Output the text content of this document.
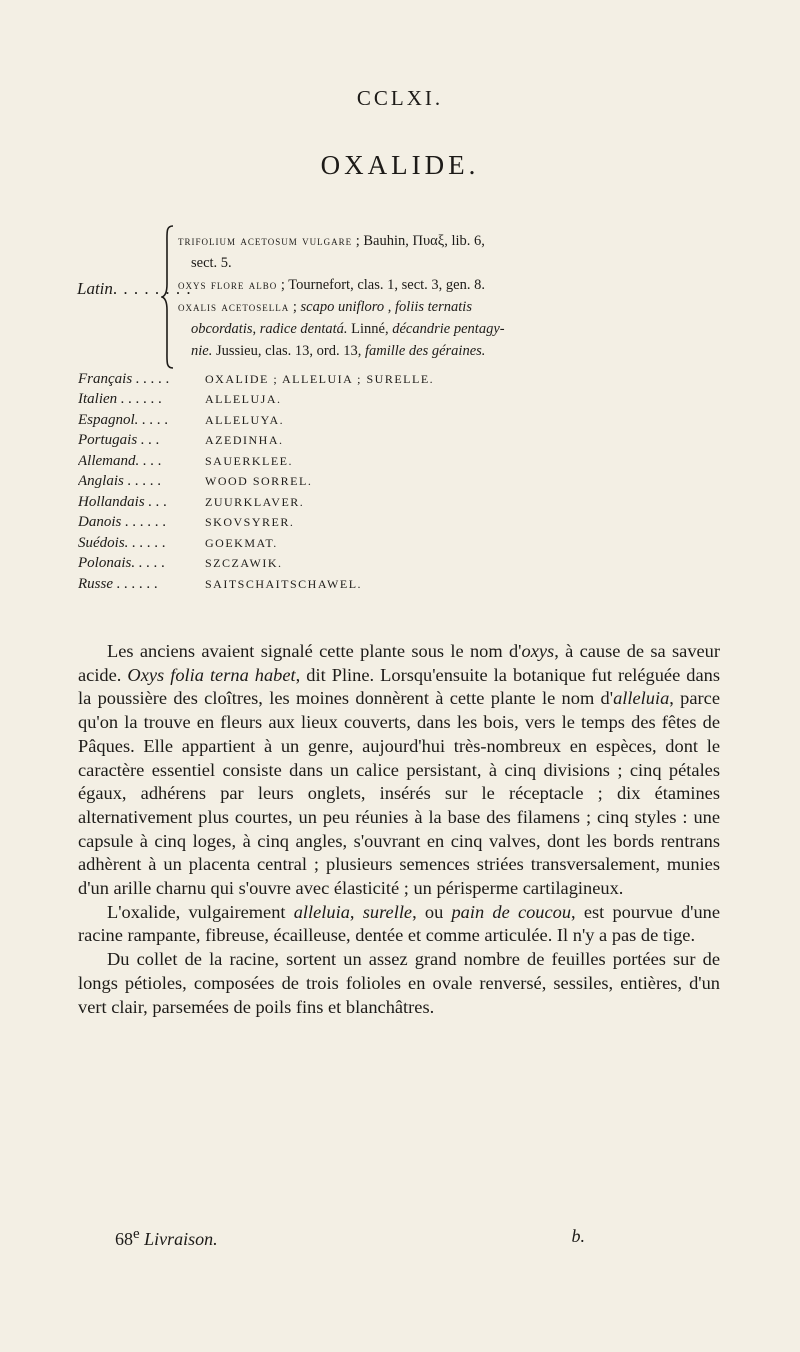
CCLXI.
OXALIDE.
Latin. . . . . . . .

trifolium acetosum vulgare ; Bauhin, Πυαξ, lib. 6,

sect. 5.

oxys flore albo ; Tournefort, clas. 1, sect. 3, gen. 8.

oxalis acetosella ; scapo unifloro , foliis ternatis

obcordatis, radice dentatá. Linné, décandrie pentagy-

nie. Jussieu, clas. 13, ord. 13, famille des géraines.

Français . . . . .	OXALIDE ; ALLELUIA ; SURELLE.
Italien . . . . . .	ALLELUJA.
Espagnol. . . . .	ALLELUYA.
Portugais . . .	AZEDINHA.
Allemand. . . .	SAUERKLEE.
Anglais . . . . .	WOOD SORREL.
Hollandais . . .	ZUURKLAVER.
Danois . . . . . .	SKOVSYRER.
Suédois. . . . . .	GOEKMAT.
Polonais. . . . .	SZCZAWIK.
Russe . . . . . .	SAITSCHAITSCHAWEL.

Les anciens avaient signalé cette plante sous le nom d'oxys, à cause de sa saveur acide. Oxys folia terna habet, dit Pline. Lorsqu'ensuite la botanique fut reléguée dans la poussière des cloîtres, les moines donnèrent à cette plante le nom d'alleluia, parce qu'on la trouve en fleurs aux lieux couverts, dans les bois, vers le temps des fêtes de Pâques. Elle appartient à un genre, aujourd'hui très-nombreux en espèces, dont le caractère essentiel consiste dans un calice persistant, à cinq divisions ; cinq pétales égaux, adhérens par leurs onglets, insérés sur le réceptacle ; dix étamines alternativement plus courtes, un peu réunies à la base des filamens ; cinq styles : une capsule à cinq loges, à cinq angles, s'ouvrant en cinq valves, dont les bords rentrans adhèrent à un placenta central ; plusieurs semences striées transversalement, munies d'un arille charnu qui s'ouvre avec élasticité ; un périsperme cartilagineux.

L'oxalide, vulgairement alleluia, surelle, ou pain de coucou, est pourvue d'une racine rampante, fibreuse, écailleuse, dentée et comme articulée. Il n'y a pas de tige.

Du collet de la racine, sortent un assez grand nombre de feuilles portées sur de longs pétioles, composées de trois folioles en ovale renversé, sessiles, entières, d'un vert clair, parsemées de poils fins et blanchâtres.

68e Livraison.	b.
